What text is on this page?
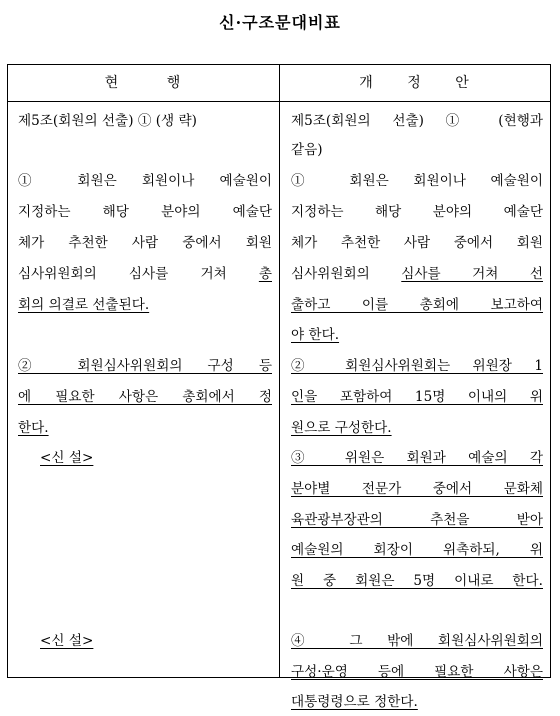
신·구조문대비표
현 행	개 정 안
제5조(회원의 선출) ① (생 략)
① 회원은 회원이나 예술원이
지정하는 해당 분야의 예술단
체가 추천한 사람 중에서 회원
심사위원회의 심사를 거쳐 총
회의 의결로 선출된다.
② 회원심사위원회의 구성 등
에 필요한 사항은 총회에서 정
한다.
<신 설>
<신 설>
제5조(회원의 선출) ① (현행과
같음)
① 회원은 회원이나 예술원이
지정하는 해당 분야의 예술단
체가 추천한 사람 중에서 회원
심사위원회의 심사를 거쳐 선
출하고 이를 총회에 보고하여
야 한다.
② 회원심사위원회는 위원장 1
인을 포함하여 15명 이내의 위
원으로 구성한다.
③ 위원은 회원과 예술의 각
분야별 전문가 중에서 문화체
육관광부장관의 추천을 받아
예술원의 회장이 위촉하되, 위
원 중 회원은 5명 이내로 한다.
④ 그 밖에 회원심사위원회의
구성·운영 등에 필요한 사항은
대통령령으로 정한다.
